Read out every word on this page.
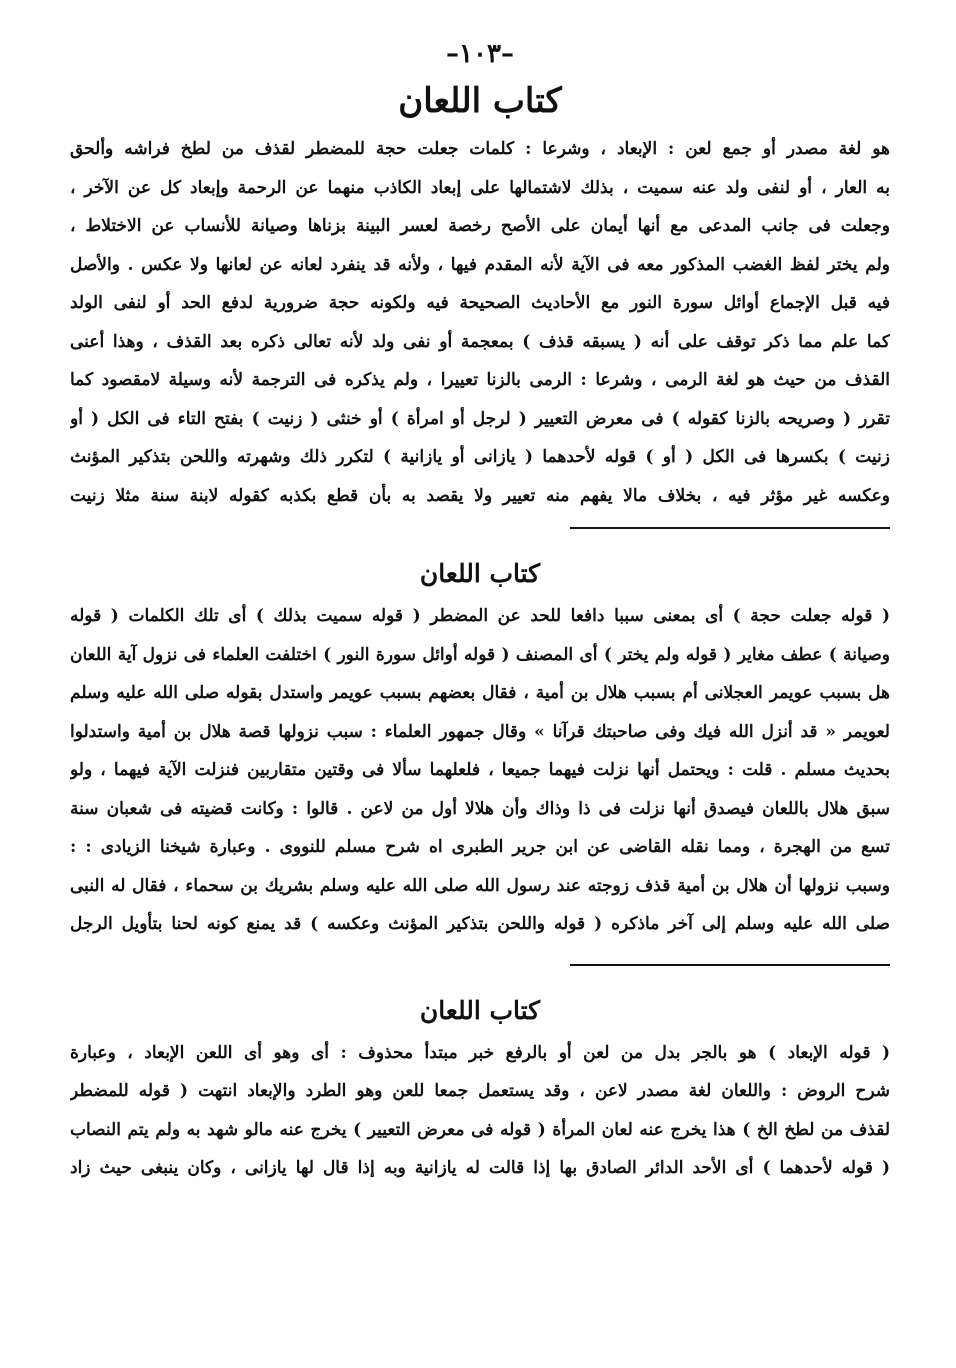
–١٠٣–
كتاب اللعان
هو لغة مصدر أو جمع لعن : الإبعاد ، وشرعا : كلمات جعلت حجة للمضطر لقذف من لطخ فراشه وألحق
به العار ، أو لنفى ولد عنه سميت ، بذلك لاشتمالها على إبعاد الكاذب منهما عن الرحمة وإبعاد كل عن الآخر ،
وجعلت فى جانب المدعى مع أنها أيمان على الأصح رخصة لعسر البينة بزناها وصيانة للأنساب عن الاختلاط ،
ولم يختر لفظ الغضب المذكور معه فى الآية لأنه المقدم فيها ، ولأنه قد ينفرد لعانه عن لعانها ولا عكس . والأصل
فيه قبل الإجماع أوائل سورة النور مع الأحاديث الصحيحة فيه ولكونه حجة ضرورية لدفع الحد أو لنفى الولد
كما علم مما ذكر توقف على أنه ( يسبقه قذف ) بمعجمة أو نفى ولد لأنه تعالى ذكره بعد القذف ، وهذا أعنى
القذف من حيث هو لغة الرمى ، وشرعا : الرمى بالزنا تعييرا ، ولم يذكره فى الترجمة لأنه وسيلة لامقصود كما
تقرر ( وصريحه بالزنا كقوله ) فى معرض التعيير ( لرجل أو امرأة ) أو خنثى ( زنيت ) بفتح التاء فى الكل ( أو
زنيت ) بكسرها فى الكل ( أو ) قوله لأحدهما ( يازانى أو يازانية ) لتكرر ذلك وشهرته واللحن بتذكير المؤنث
وعكسه غير مؤثر فيه ، بخلاف مالا يفهم منه تعيير ولا يقصد به بأن قطع بكذبه كقوله لابنة سنة مثلا زنيت
كتاب اللعان
( قوله جعلت حجة ) أى بمعنى سببا دافعا للحد عن المضطر ( قوله سميت بذلك ) أى تلك الكلمات ( قوله
وصيانة ) عطف مغاير ( قوله ولم يختر ) أى المصنف ( قوله أوائل سورة النور ) اختلفت العلماء فى نزول آية اللعان
هل بسبب عويمر العجلانى أم بسبب هلال بن أمية ، فقال بعضهم بسبب عويمر واستدل بقوله صلى الله عليه وسلم
لعويمر « قد أنزل الله فيك وفى صاحبتك قرآنا » وقال جمهور العلماء : سبب نزولها قصة هلال بن أمية واستدلوا
بحديث مسلم . قلت : ويحتمل أنها نزلت فيهما جميعا ، فلعلهما سألا فى وقتين متقاربين فنزلت الآية فيهما ، ولو
سبق هلال باللعان فيصدق أنها نزلت فى ذا وذاك وأن هلالا أول من لاعن . قالوا : وكانت قضيته فى شعبان سنة
تسع من الهجرة ، ومما نقله القاضى عن ابن جرير الطبرى اه شرح مسلم للنووى . وعبارة شيخنا الزيادى : :
وسبب نزولها أن هلال بن أمية قذف زوجته عند رسول الله صلى الله عليه وسلم بشريك بن سحماء ، فقال له النبى
صلى الله عليه وسلم إلى آخر ماذكره ( قوله واللحن بتذكير المؤنث وعكسه ) قد يمنع كونه لحنا بتأويل الرجل
كتاب اللعان
( قوله الإبعاد ) هو بالجر بدل من لعن أو بالرفع خبر مبتدأ محذوف : أى وهو أى اللعن الإبعاد ، وعبارة
شرح الروض : واللعان لغة مصدر لاعن ، وقد يستعمل جمعا للعن وهو الطرد والإبعاد انتهت ( قوله للمضطر
لقذف من لطخ الخ ) هذا يخرج عنه لعان المرأة ( قوله فى معرض التعيير ) يخرج عنه مالو شهد به ولم يتم النصاب
( قوله لأحدهما ) أى الأحد الدائر الصادق بها إذا قالت له يازانية وبه إذا قال لها يازانى ، وكان ينبغى حيث زاد
